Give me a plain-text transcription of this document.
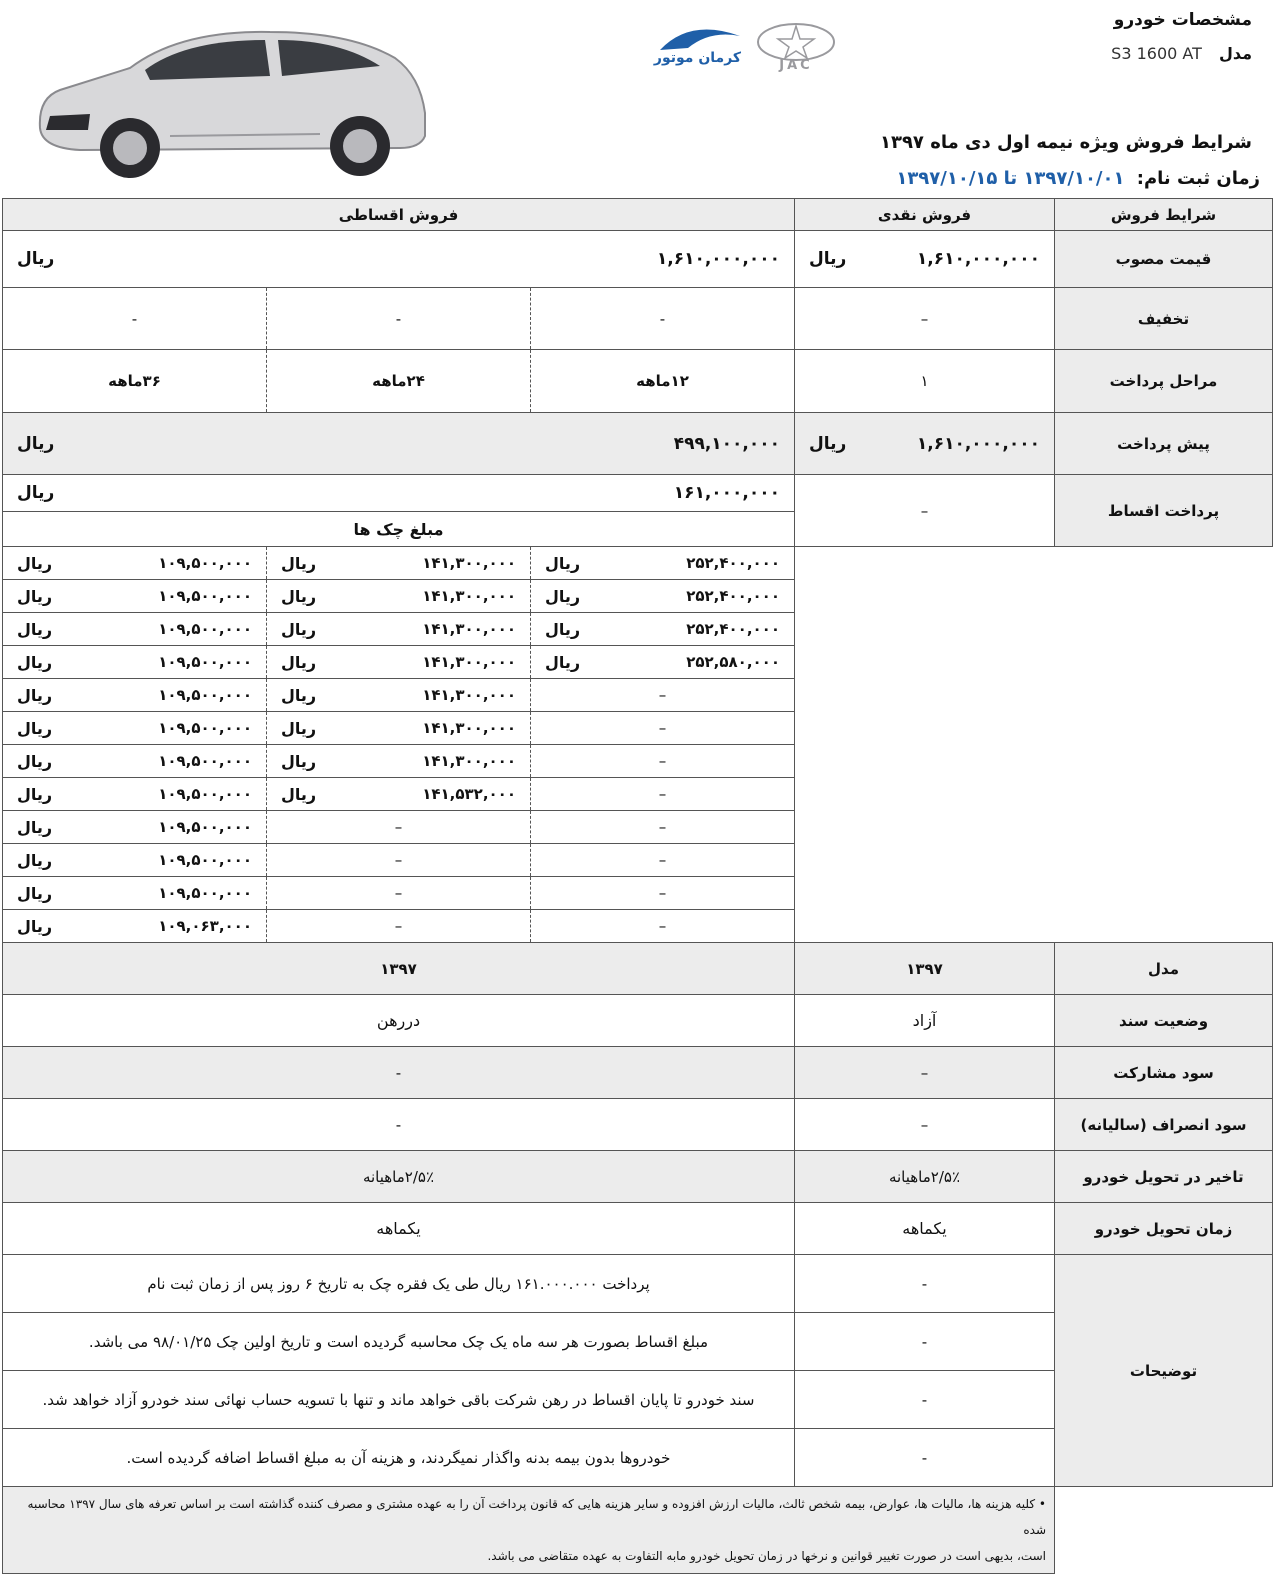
کرمان موتور	JAC
مشخصات خودرو
مدل S3 1600 AT
شرایط فروش ویژه نیمه اول دی ماه ۱۳۹۷
زمان ثبت نام: ۱۳۹۷/۱۰/۰۱ تا ۱۳۹۷/۱۰/۱۵
فروش اقساطی			فروش نقدی	شرایط فروش

ریال ۱,۶۱۰,۰۰۰,۰۰۰			ریال ۱,۶۱۰,۰۰۰,۰۰۰	قیمت مصوب
-	-	-	–	تخفیف
۳۶ماهه	۲۴ماهه	۱۲ماهه	۱	مراحل پرداخت

ریال ۴۹۹,۱۰۰,۰۰۰			ریال ۱,۶۱۰,۰۰۰,۰۰۰	پیش پرداخت

ریال ۱۶۱,۰۰۰,۰۰۰			–	پرداخت اقساط
مبلغ چک ها				

ریال ۱۰۹,۵۰۰,۰۰۰	ریال ۱۴۱,۳۰۰,۰۰۰	ریال ۲۵۲,۴۰۰,۰۰۰		

ریال ۱۰۹,۵۰۰,۰۰۰	ریال ۱۴۱,۳۰۰,۰۰۰	ریال ۲۵۲,۴۰۰,۰۰۰		

ریال ۱۰۹,۵۰۰,۰۰۰	ریال ۱۴۱,۳۰۰,۰۰۰	ریال ۲۵۲,۴۰۰,۰۰۰		

ریال ۱۰۹,۵۰۰,۰۰۰	ریال ۱۴۱,۳۰۰,۰۰۰	ریال ۲۵۲,۵۸۰,۰۰۰		

ریال ۱۰۹,۵۰۰,۰۰۰	ریال ۱۴۱,۳۰۰,۰۰۰	–		

ریال ۱۰۹,۵۰۰,۰۰۰	ریال ۱۴۱,۳۰۰,۰۰۰	–		

ریال ۱۰۹,۵۰۰,۰۰۰	ریال ۱۴۱,۳۰۰,۰۰۰	–		

ریال ۱۰۹,۵۰۰,۰۰۰	ریال ۱۴۱,۵۳۲,۰۰۰	–		

ریال ۱۰۹,۵۰۰,۰۰۰	–	–		

ریال ۱۰۹,۵۰۰,۰۰۰	–	–		

ریال ۱۰۹,۵۰۰,۰۰۰	–	–		

ریال ۱۰۹,۰۶۳,۰۰۰	–	–		
۱۳۹۷			۱۳۹۷	مدل
دررهن			آزاد	وضعیت سند
-			–	سود مشارکت
-			–	سود انصراف (سالیانه)
۲/۵٪ماهیانه			۲/۵٪ماهیانه	تاخیر در تحویل خودرو
یکماهه			یکماهه	زمان تحویل خودرو
پرداخت ۱۶۱.۰۰۰.۰۰۰ ریال طی یک فقره چک به تاریخ ۶ روز پس از زمان ثبت نام			-	توضیحات
مبلغ اقساط بصورت هر سه ماه یک چک محاسبه گردیده است و تاریخ اولین چک ۹۸/۰۱/۲۵ می باشد.			-	
سند خودرو تا پایان اقساط در رهن شرکت باقی خواهد ماند و تنها با تسویه حساب نهائی سند خودرو آزاد خواهد شد.			-	
خودروها بدون بیمه بدنه واگذار نمیگردند، و هزینه آن به مبلغ اقساط اضافه گردیده است.			-	

• کلیه هزینه ها، مالیات ها، عوارض، بیمه شخص ثالث، مالیات ارزش افزوده و سایر هزینه هایی که قانون پرداخت آن را به عهده مشتری و مصرف کننده گذاشته است بر اساس تعرفه های سال ۱۳۹۷ محاسبه شده
است، بدیهی است در صورت تغییر قوانین و نرخها در زمان تحویل خودرو مابه التفاوت به عهده متقاضی می باشد.				
